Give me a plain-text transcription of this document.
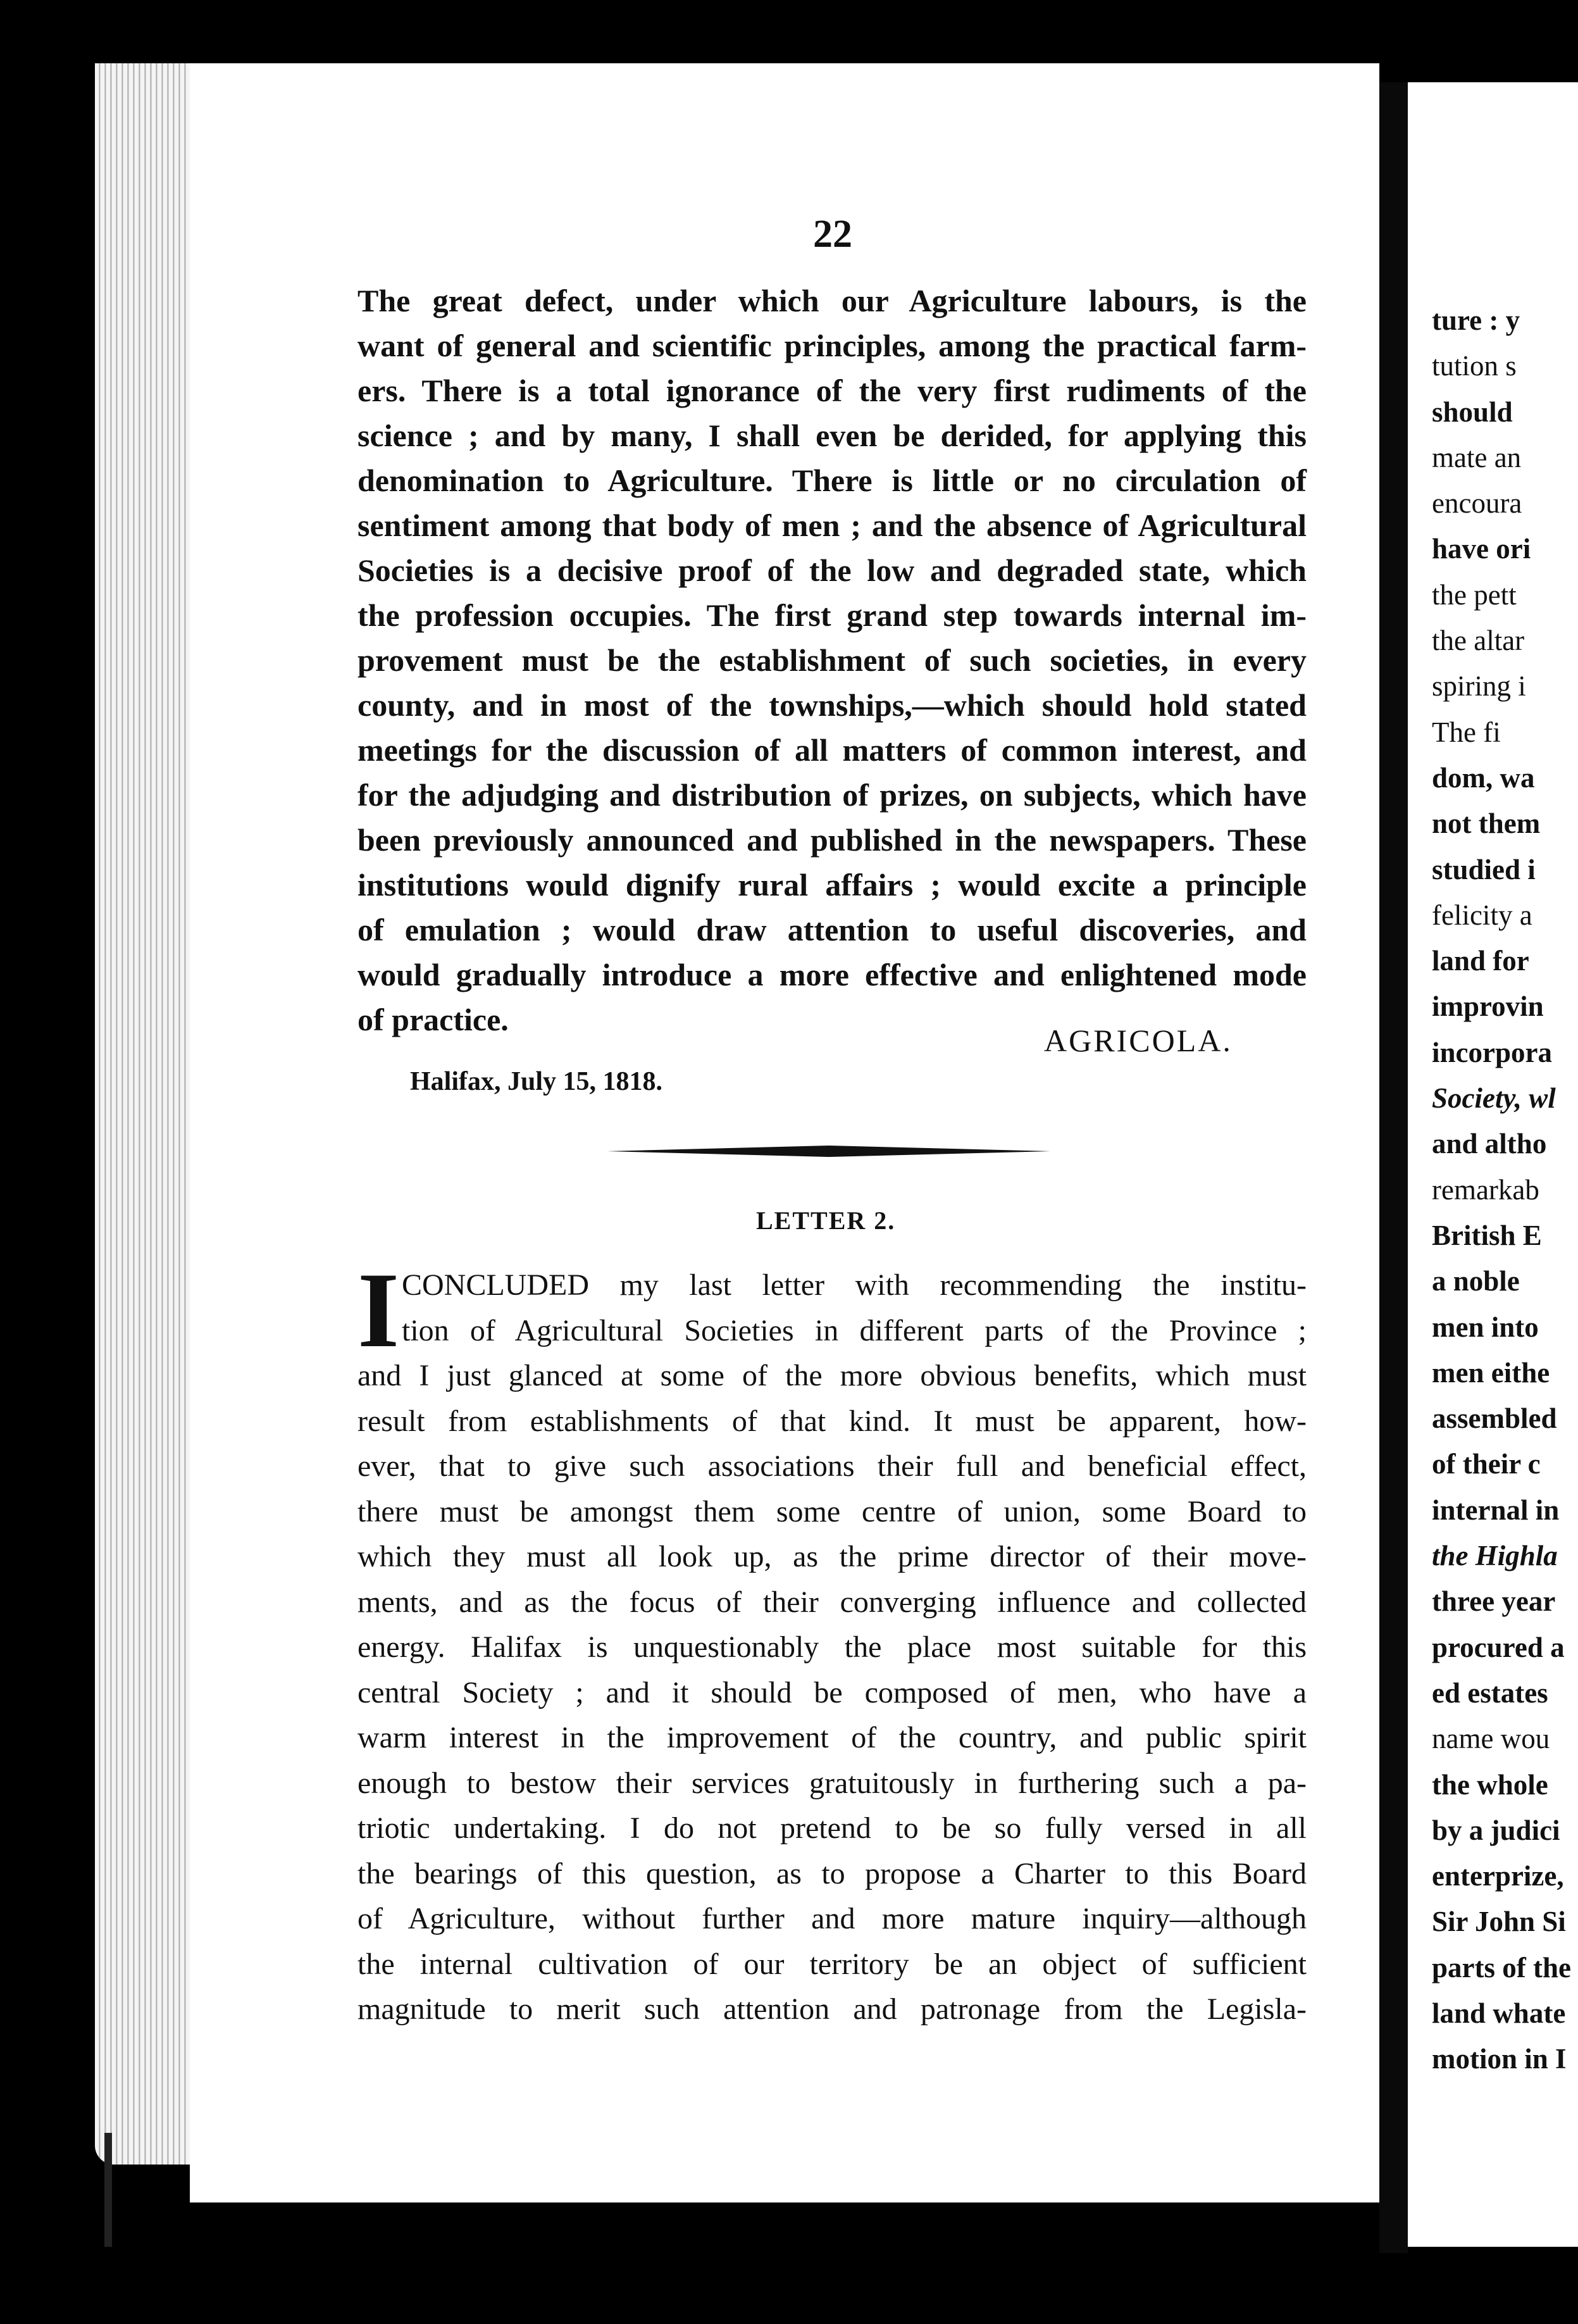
22
The great defect, under which our Agriculture labours, is the
want of general and scientific principles, among the practical farm-
ers. There is a total ignorance of the very first rudiments of the
science ; and by many, I shall even be derided, for applying this
denomination to Agriculture. There is little or no circulation of
sentiment among that body of men ; and the absence of Agricultural
Societies is a decisive proof of the low and degraded state, which
the profession occupies. The first grand step towards internal im-
provement must be the establishment of such societies, in every
county, and in most of the townships,—which should hold stated
meetings for the discussion of all matters of common interest, and
for the adjudging and distribution of prizes, on subjects, which have
been previously announced and published in the newspapers. These
institutions would dignify rural affairs ; would excite a principle
of emulation ; would draw attention to useful discoveries, and
would gradually introduce a more effective and enlightened mode
of practice.
AGRICOLA.
Halifax, July 15, 1818.
LETTER 2.
I CONCLUDED my last letter with recommending the institu-
tion of Agricultural Societies in different parts of the Province ;
and I just glanced at some of the more obvious benefits, which must
result from establishments of that kind. It must be apparent, how-
ever, that to give such associations their full and beneficial effect,
there must be amongst them some centre of union, some Board to
which they must all look up, as the prime director of their move-
ments, and as the focus of their converging influence and collected
energy. Halifax is unquestionably the place most suitable for this
central Society ; and it should be composed of men, who have a
warm interest in the improvement of the country, and public spirit
enough to bestow their services gratuitously in furthering such a pa-
triotic undertaking. I do not pretend to be so fully versed in all
the bearings of this question, as to propose a Charter to this Board
of Agriculture, without further and more mature inquiry—although
the internal cultivation of our territory be an object of sufficient
magnitude to merit such attention and patronage from the Legisla-
ture : y
tution s
should
mate an
encoura
have ori
the pett
the altar
spiring i
The fi
dom, wa
not them
studied i
felicity a
land for
improvin
incorpora
Society, wl
and altho
remarkab
British E
a noble
men into
men eithe
assembled
of their c
internal in
the Highla
three year
procured a
ed estates
name wou
the whole
by a judici
enterprize,
Sir John Si
parts of the
land whate
motion in I
